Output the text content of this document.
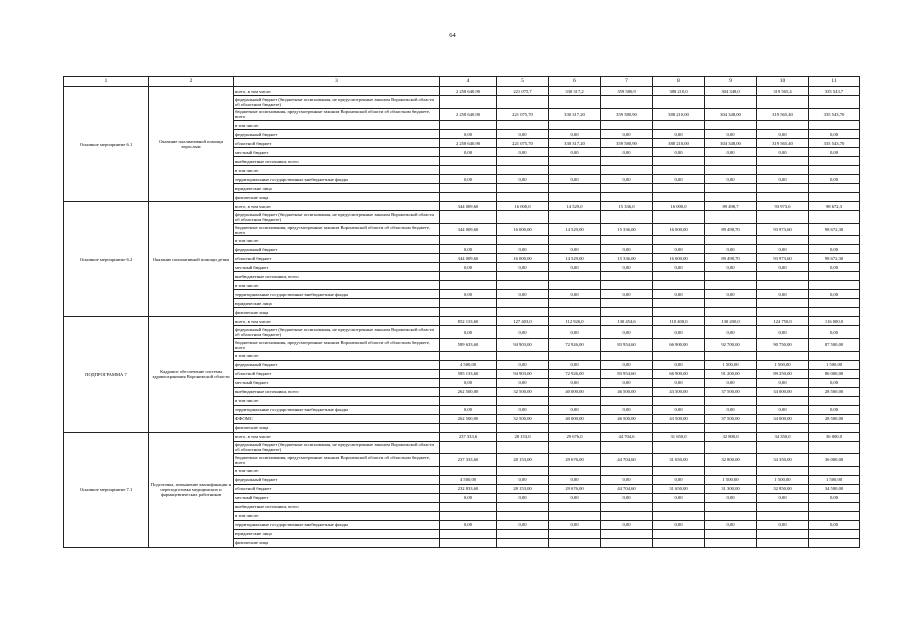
64
1	2	3	4	5	6	7	8	9	10	11
Основное мероприятие 6.1	Оказание паллиативной помощи взрослым	всего, в том числе:	2 258 640,90	221 075,7	330 317,2	359 580,9	388 210,0	304 348,0	319 565,4	335 543,7
		федеральный бюджет (бюджетные ассигнования, не предусмотренные законом Воронежской области об областном бюджете)								
		бюджетные ассигнования, предусмотренные законом Воронежской области об областном бюджете, всего	2 258 640,90	221 075,70	330 317,20	359 580,90	388 210,00	304 348,00	319 565,40	335 543,70
		в том числе:								
		федеральный бюджет	0,00	0,00	0,00	0,00	0,00	0,00	0,00	0,00
		областной бюджет	2 258 640,90	221 075,70	330 317,20	359 580,90	388 210,00	304 348,00	319 565,40	335 543,70
		местный бюджет	0,00	0,00	0,00	0,00	0,00	0,00	0,00	0,00
		внебюджетные источники, всего								
		в том числе:								
		территориальные государственные внебюджетные фонды	0,00	0,00	0,00	0,00	0,00	0,00	0,00	0,00
		юридические лица								
		физические лица								
Основное мероприятие 6.2	Оказание паллиативной помощи детям	всего, в том числе:	344 009,60	16 000,0	14 529,0	15 336,0	16 000,0	89 498,7	93 973,6	98 672,3
		федеральный бюджет (бюджетные ассигнования, не предусмотренные законом Воронежской области об областном бюджете)								
		бюджетные ассигнования, предусмотренные законом Воронежской области об областном бюджете, всего	344 009,60	16 000,00	14 529,00	15 336,00	16 000,00	89 498,70	93 973,60	98 672,30
		в том числе:								
		федеральный бюджет	0,00	0,00	0,00	0,00	0,00	0,00	0,00	0,00
		областной бюджет	344 009,60	16 000,00	14 529,00	15 336,00	16 000,00	89 498,70	93 973,60	98 672,30
		местный бюджет	0,00	0,00	0,00	0,00	0,00	0,00	0,00	0,00
		внебюджетные источники, всего								
		в том числе:								
		территориальные государственные внебюджетные фонды	0,00	0,00	0,00	0,00	0,00	0,00	0,00	0,00
		юридические лица								
		физические лица								
ПОДПРОГРАММА 7	Кадровое обеспечение системы здравоохранения Воронежской области	всего, в том числе:	852 133,60	127 403,0	112 926,0	130 454,6	110 400,0	130 200,0	124 750,0	116 000,0
		федеральный бюджет (бюджетные ассигнования, не предусмотренные законом Воронежской области об областном бюджете)	0,00	0,00	0,00	0,00	0,00	0,00	0,00	0,00
		бюджетные ассигнования, предусмотренные законом Воронежской области об областном бюджете, всего	589 633,60	94 903,00	72 926,00	83 954,60	66 900,00	92 700,00	90 750,00	87 500,00
		в том числе:								
		федеральный бюджет	4 500,00	0,00	0,00	0,00	0,00	1 500,00	1 500,00	1 500,00
		областной бюджет	585 133,60	94 903,00	72 926,00	83 954,60	66 900,00	91 200,00	89 250,00	86 000,00
		местный бюджет	0,00	0,00	0,00	0,00	0,00	0,00	0,00	0,00
		внебюджетные источники, всего	262 500,00	32 500,00	40 000,00	46 500,00	43 500,00	37 500,00	34 000,00	28 500,00
		в том числе:								
		территориальные государственные внебюджетные фонды	0,00	0,00	0,00	0,00	0,00	0,00	0,00	0,00
		ФФОМС	262 500,00	32 500,00	40 000,00	46 500,00	43 500,00	37 500,00	34 000,00	28 500,00
		физические лица								
Основное мероприятие 7.1	Подготовка, повышение квалификации и переподготовка медицинских и фармацевтических работников	всего, в том числе:	237 333,6	28 153,0	29 676,0	44 704,6	31 650,0	32 800,0	34 350,0	36 000,0
		федеральный бюджет (бюджетные ассигнования, не предусмотренные законом Воронежской области об областном бюджете)								
		бюджетные ассигнования, предусмотренные законом Воронежской области об областном бюджете, всего	237 333,60	28 153,00	29 676,00	44 704,60	31 650,00	32 800,00	34 350,00	36 000,00
		в том числе:								
		федеральный бюджет	4 500,00	0,00	0,00	0,00	0,00	1 500,00	1 500,00	1 500,00
		областной бюджет	232 833,60	28 153,00	29 676,00	44 704,60	31 650,00	31 300,00	32 850,00	34 500,00
		местный бюджет	0,00	0,00	0,00	0,00	0,00	0,00	0,00	0,00
		внебюджетные источники, всего								
		в том числе:								
		территориальные государственные внебюджетные фонды	0,00	0,00	0,00	0,00	0,00	0,00	0,00	0,00
		юридические лица								
		физические лица								
